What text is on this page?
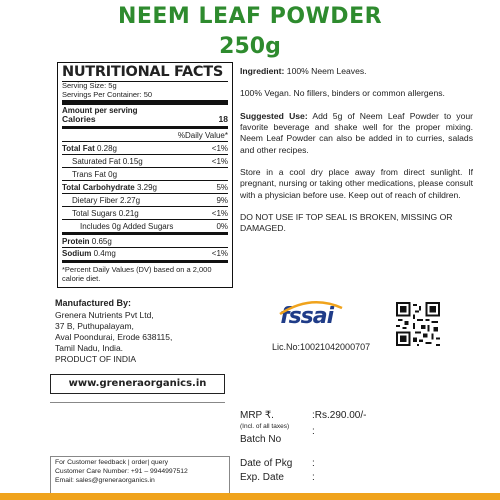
NEEM LEAF POWDER
250g
NUTRITIONAL FACTS
Serving Size: 5g
Servings Per Container: 50
Amount per serving
Calories	18
%Daily Value*
Total Fat 0.28g	<1%
Saturated Fat 0.15g	<1%
Trans Fat 0g
Total Carbohydrate 3.29g	5%
Dietary Fiber 2.27g	9%
Total Sugars 0.21g	<1%
Includes 0g Added Sugars	0%
Protein 0.65g
Sodium 0.4mg	<1%
*Percent Daily Values (DV) based on a 2,000 calorie diet.
Manufactured By:
Grenera Nutrients Pvt Ltd,
37 B, Puthupalayam,
Aval Poondurai, Erode 638115,
Tamil Nadu, India.
PRODUCT OF INDIA
www.greneraorganics.in

Ingredient: 100% Neem Leaves.

100% Vegan. No fillers, binders or common allergens.

Suggested Use: Add 5g of Neem Leaf Powder to your favorite beverage and shake well for the proper mixing. Neem Leaf Powder can also be added in to curries, salads and other recipes.

Store in a cool dry place away from direct sunlight. If pregnant, nursing or taking other medications, please consult with a physician before use. Keep out of reach of children.

DO NOT USE IF TOP SEAL IS BROKEN, MISSING OR DAMAGED.

fssai
Lic.No:10021042000707
MRP ₹.
(Incl. of all taxes)
:Rs.290.00/-
Batch No
:
Date of Pkg :
Exp. Date	:
For Customer feedback | order| query
Customer Care Number: +91 – 9944997512
Email: sales@greneraorganics.in
